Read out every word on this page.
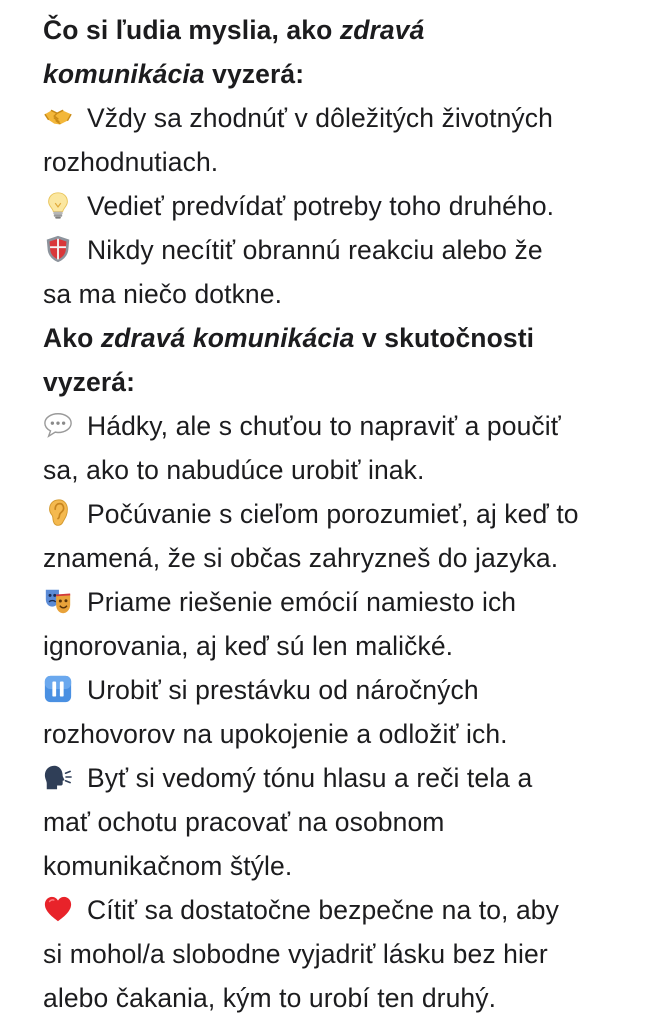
Čo si ľudia myslia, ako zdravá
komunikácia vyzerá:
Vždy sa zhodnúť v dôležitých životných
rozhodnutiach.
Vedieť predvídať potreby toho druhého.
Nikdy necítiť obrannú reakciu alebo že
sa ma niečo dotkne.
Ako zdravá komunikácia v skutočnosti
vyzerá:
Hádky, ale s chuťou to napraviť a poučiť
sa, ako to nabudúce urobiť inak.
Počúvanie s cieľom porozumieť, aj keď to
znamená, že si občas zahryzneš do jazyka.
Priame riešenie emócií namiesto ich
ignorovania, aj keď sú len maličké.
Urobiť si prestávku od náročných
rozhovorov na upokojenie a odložiť ich.
Byť si vedomý tónu hlasu a reči tela a
mať ochotu pracovať na osobnom
komunikačnom štýle.
Cítiť sa dostatočne bezpečne na to, aby
si mohol/a slobodne vyjadriť lásku bez hier
alebo čakania, kým to urobí ten druhý.
